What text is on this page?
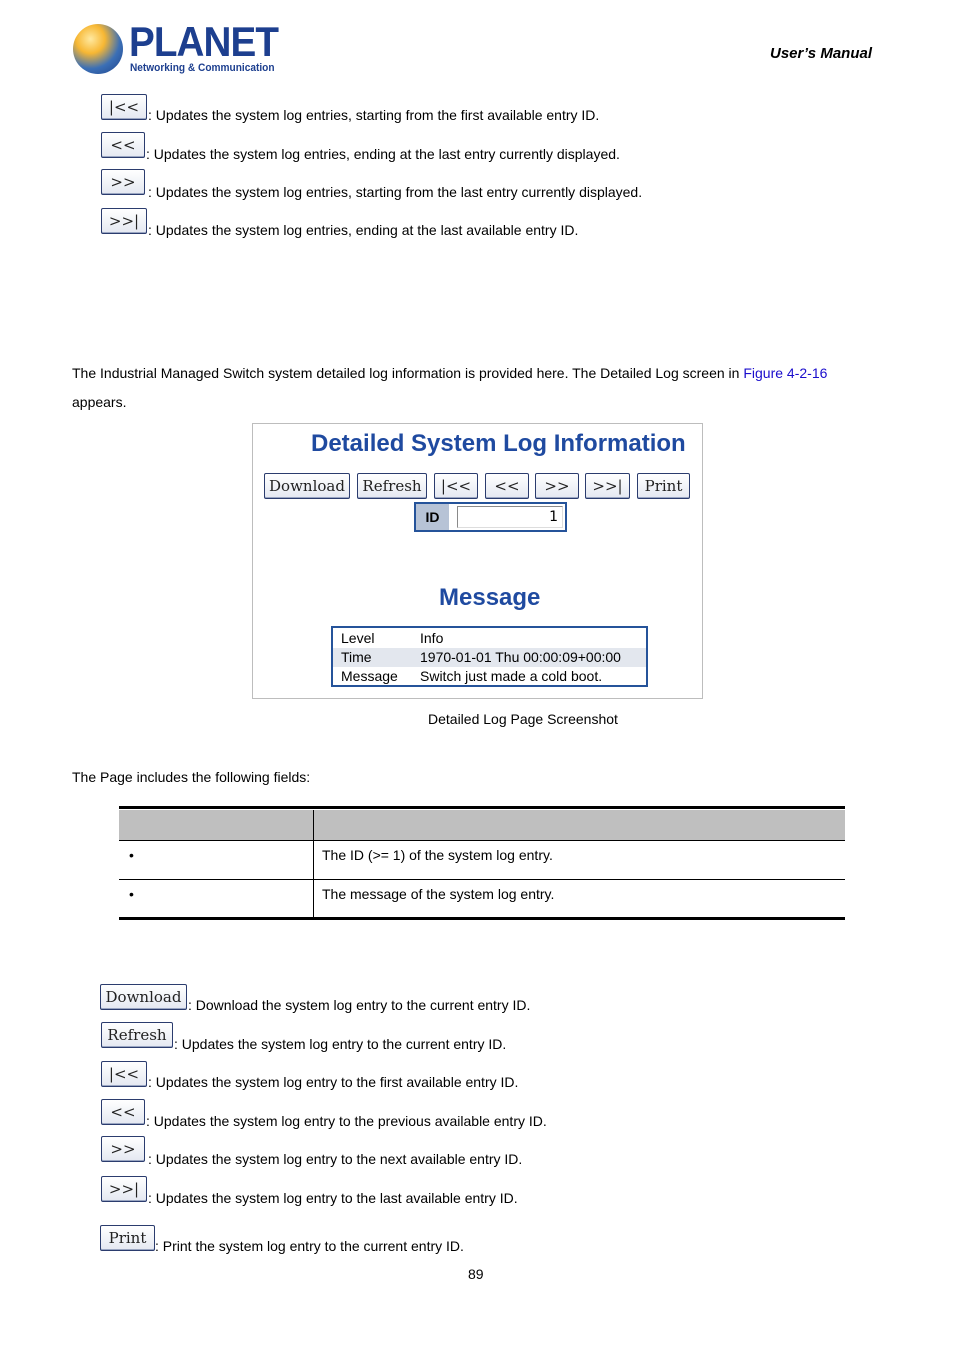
PLANET
Networking & Communication
User’s Manual
|<< : Updates the system log entries, starting from the first available entry ID.
<<
: Updates the system log entries, ending at the last entry currently displayed.
>>
: Updates the system log entries, starting from the last entry currently displayed.
>>|
: Updates the system log entries, ending at the last available entry ID.
The Industrial Managed Switch system detailed log information is provided here. The Detailed Log screen in Figure 4-2-16
appears.
Detailed System Log Information
Download	Refresh	|<<	<<	>>	>>|	Print
ID	1
Message
Level	Info
Time	1970-01-01 Thu 00:00:09+00:00
Message Switch just made a cold boot.
Detailed Log Page Screenshot
The Page includes the following fields:
•	The ID (>= 1) of the system log entry.
•	The message of the system log entry.
Download : Download the system log entry to the current entry ID.
Refresh
: Updates the system log entry to the current entry ID.
|<< : Updates the system log entry to the first available entry ID.
<<
: Updates the system log entry to the previous available entry ID.
>>
: Updates the system log entry to the next available entry ID.
>>|
: Updates the system log entry to the last available entry ID.
Print : Print the system log entry to the current entry ID.
89
